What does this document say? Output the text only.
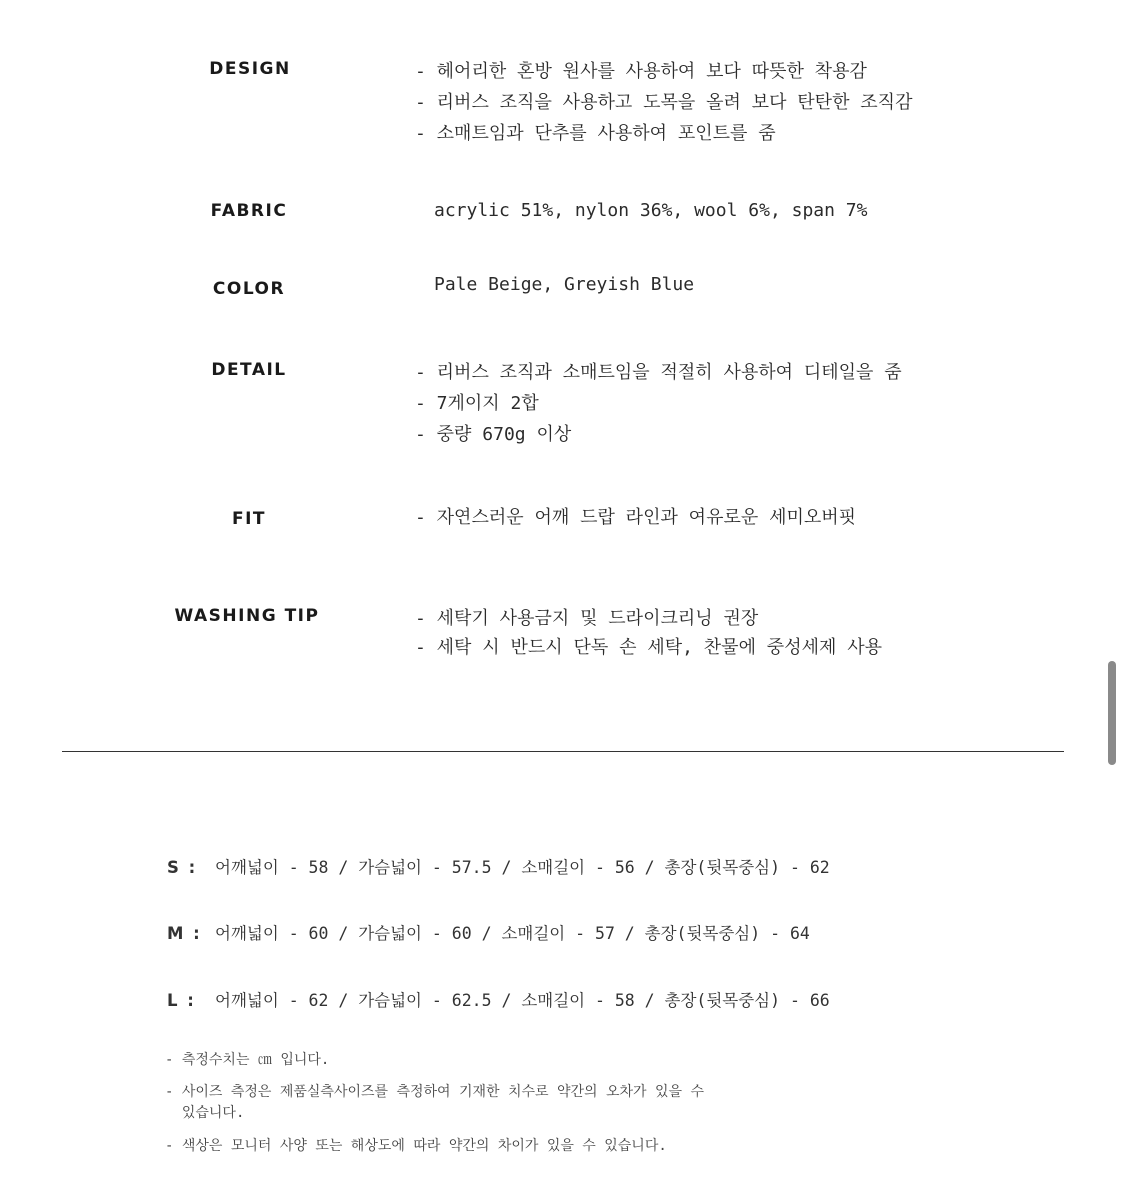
DESIGN
FABRIC
COLOR
DETAIL
FIT
WASHING TIP
- 헤어리한 혼방 원사를 사용하여 보다 따뜻한 착용감
- 리버스 조직을 사용하고 도목을 올려 보다 탄탄한 조직감
- 소매트임과 단추를 사용하여 포인트를 줌
acrylic 51%, nylon 36%, wool 6%, span 7%
Pale Beige, Greyish Blue
- 리버스 조직과 소매트임을 적절히 사용하여 디테일을 줌
- 7게이지 2합
- 중량 670g 이상
- 자연스러운 어깨 드랍 라인과 여유로운 세미오버핏
- 세탁기 사용금지 및 드라이크리닝 권장
- 세탁 시 반드시 단독 손 세탁, 찬물에 중성세제 사용
S : 어깨넓이 - 58 / 가슴넓이 - 57.5 / 소매길이 - 56 / 총장(뒷목중심) - 62
M : 어깨넓이 - 60 / 가슴넓이 - 60 / 소매길이 - 57 / 총장(뒷목중심) - 64
L : 어깨넓이 - 62 / 가슴넓이 - 62.5 / 소매길이 - 58 / 총장(뒷목중심) - 66
- 측정수치는 ㎝ 입니다.
- 사이즈 측정은 제품실측사이즈를 측정하여 기재한 치수로 약간의 오차가 있을 수
있습니다.
- 색상은 모니터 사양 또는 해상도에 따라 약간의 차이가 있을 수 있습니다.
